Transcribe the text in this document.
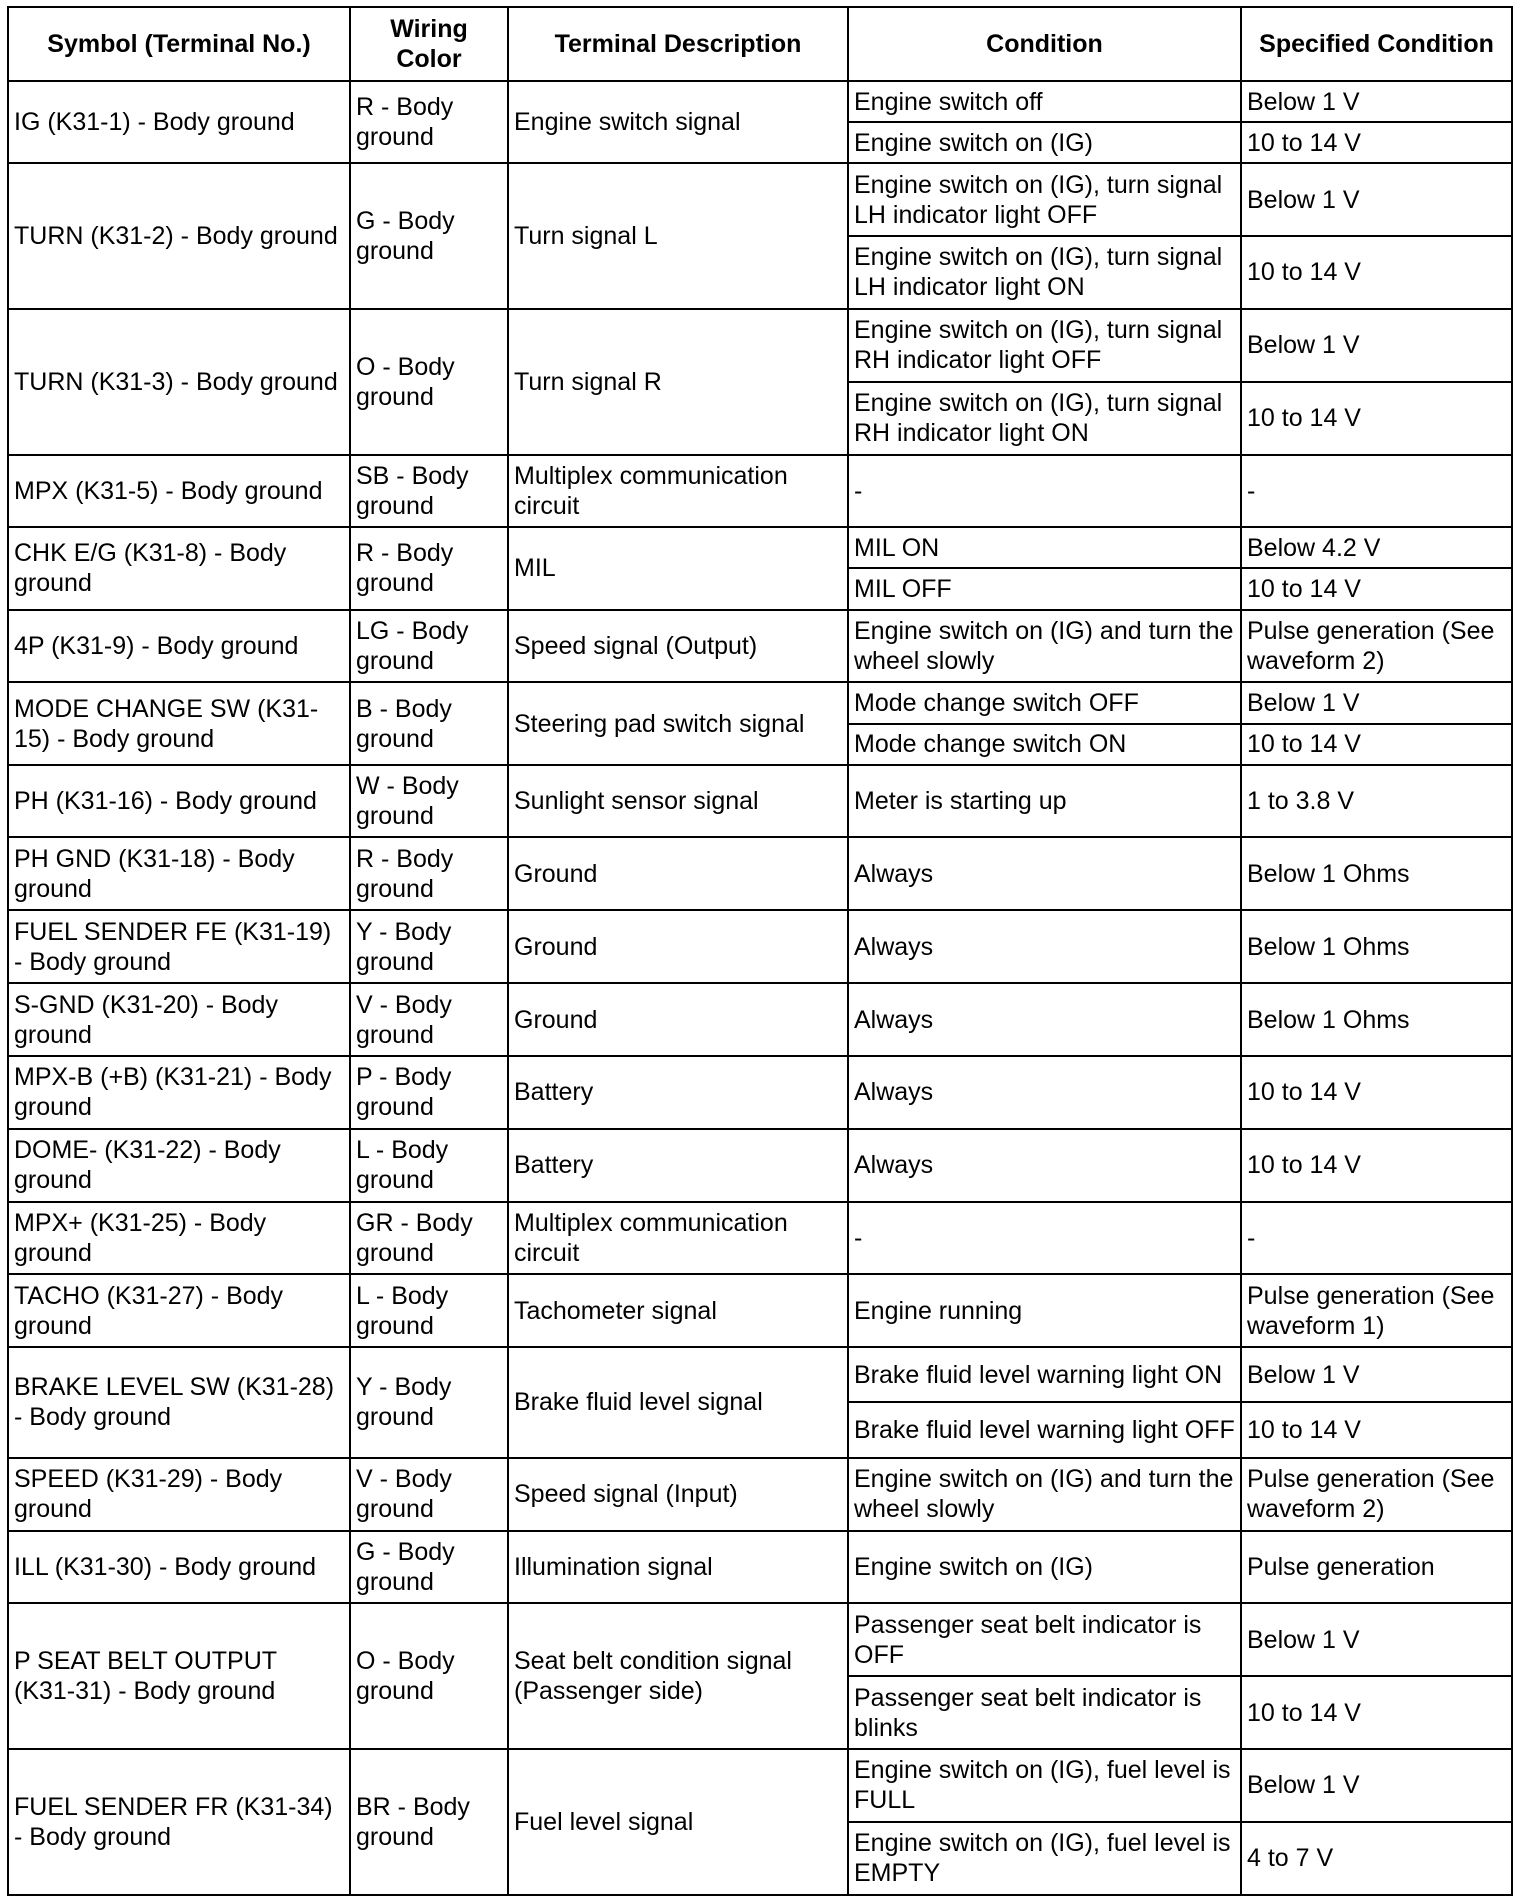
Symbol (Terminal No.)	Wiring Color	Terminal Description	Condition	Specified Condition
IG (K31-1) - Body ground	R - Body ground	Engine switch signal	Engine switch off	Below 1 V
			Engine switch on (IG)	10 to 14 V
TURN (K31-2) - Body ground	G - Body ground	Turn signal L	Engine switch on (IG), turn signal LH indicator light OFF	Below 1 V
			Engine switch on (IG), turn signal LH indicator light ON	10 to 14 V
TURN (K31-3) - Body ground	O - Body ground	Turn signal R	Engine switch on (IG), turn signal RH indicator light OFF	Below 1 V
			Engine switch on (IG), turn signal RH indicator light ON	10 to 14 V
MPX (K31-5) - Body ground	SB - Body ground	Multiplex communication circuit	-	-
CHK E/G (K31-8) - Body ground	R - Body ground	MIL	MIL ON	Below 4.2 V
			MIL OFF	10 to 14 V
4P (K31-9) - Body ground	LG - Body ground	Speed signal (Output)	Engine switch on (IG) and turn the wheel slowly	Pulse generation (See waveform 2)
MODE CHANGE SW (K31-15) - Body ground	B - Body ground	Steering pad switch signal	Mode change switch OFF	Below 1 V
			Mode change switch ON	10 to 14 V
PH (K31-16) - Body ground	W - Body ground	Sunlight sensor signal	Meter is starting up	1 to 3.8 V
PH GND (K31-18) - Body ground	R - Body ground	Ground	Always	Below 1 Ohms
FUEL SENDER FE (K31-19) - Body ground	Y - Body ground	Ground	Always	Below 1 Ohms
S-GND (K31-20) - Body ground	V - Body ground	Ground	Always	Below 1 Ohms
MPX-B (+B) (K31-21) - Body ground	P - Body ground	Battery	Always	10 to 14 V
DOME- (K31-22) - Body ground	L - Body ground	Battery	Always	10 to 14 V
MPX+ (K31-25) - Body ground	GR - Body ground	Multiplex communication circuit	-	-
TACHO (K31-27) - Body ground	L - Body ground	Tachometer signal	Engine running	Pulse generation (See waveform 1)
BRAKE LEVEL SW (K31-28) - Body ground	Y - Body ground	Brake fluid level signal	Brake fluid level warning light ON	Below 1 V
			Brake fluid level warning light OFF	10 to 14 V
SPEED (K31-29) - Body ground	V - Body ground	Speed signal (Input)	Engine switch on (IG) and turn the wheel slowly	Pulse generation (See waveform 2)
ILL (K31-30) - Body ground	G - Body ground	Illumination signal	Engine switch on (IG)	Pulse generation
P SEAT BELT OUTPUT (K31-31) - Body ground	O - Body ground	Seat belt condition signal (Passenger side)	Passenger seat belt indicator is OFF	Below 1 V
			Passenger seat belt indicator is blinks	10 to 14 V
FUEL SENDER FR (K31-34) - Body ground	BR - Body ground	Fuel level signal	Engine switch on (IG), fuel level is FULL	Below 1 V
			Engine switch on (IG), fuel level is EMPTY	4 to 7 V
